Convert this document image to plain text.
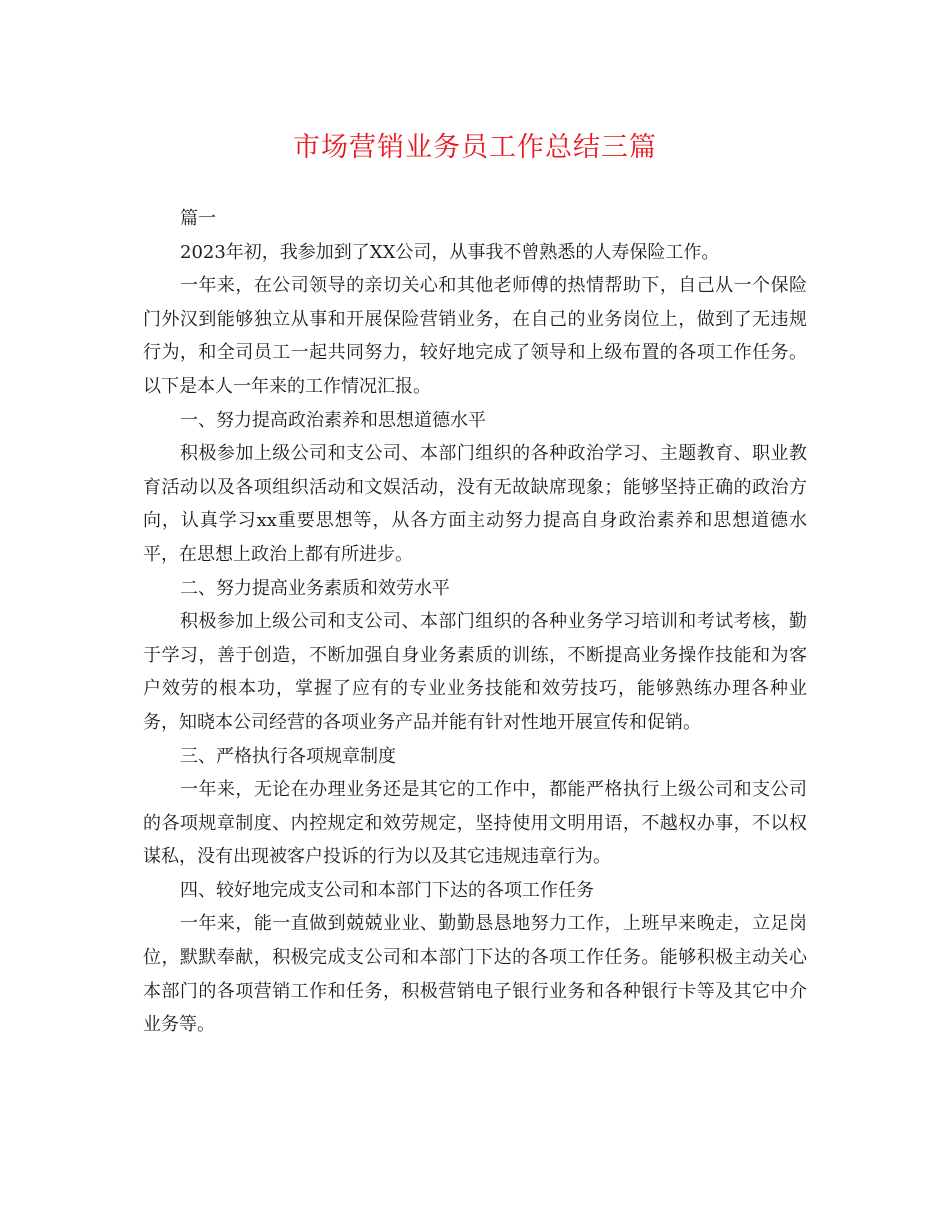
市场营销业务员工作总结三篇

篇一

2023年初，我参加到了XX公司，从事我不曾熟悉的人寿保险工作。

一年来，在公司领导的亲切关心和其他老师傅的热情帮助下，自己从一个保险门外汉到能够独立从事和开展保险营销业务，在自己的业务岗位上，做到了无违规行为，和全司员工一起共同努力，较好地完成了领导和上级布置的各项工作任务。以下是本人一年来的工作情况汇报。

一、努力提高政治素养和思想道德水平

积极参加上级公司和支公司、本部门组织的各种政治学习、主题教育、职业教育活动以及各项组织活动和文娱活动，没有无故缺席现象；能够坚持正确的政治方向，认真学习xx重要思想等，从各方面主动努力提高自身政治素养和思想道德水平，在思想上政治上都有所进步。

二、努力提高业务素质和效劳水平

积极参加上级公司和支公司、本部门组织的各种业务学习培训和考试考核，勤于学习，善于创造，不断加强自身业务素质的训练，不断提高业务操作技能和为客户效劳的根本功，掌握了应有的专业业务技能和效劳技巧，能够熟练办理各种业务，知晓本公司经营的各项业务产品并能有针对性地开展宣传和促销。

三、严格执行各项规章制度

一年来，无论在办理业务还是其它的工作中，都能严格执行上级公司和支公司的各项规章制度、内控规定和效劳规定，坚持使用文明用语，不越权办事，不以权谋私，没有出现被客户投诉的行为以及其它违规违章行为。

四、较好地完成支公司和本部门下达的各项工作任务

一年来，能一直做到兢兢业业、勤勤恳恳地努力工作，上班早来晚走，立足岗位，默默奉献，积极完成支公司和本部门下达的各项工作任务。能够积极主动关心本部门的各项营销工作和任务，积极营销电子银行业务和各种银行卡等及其它中介业务等。
